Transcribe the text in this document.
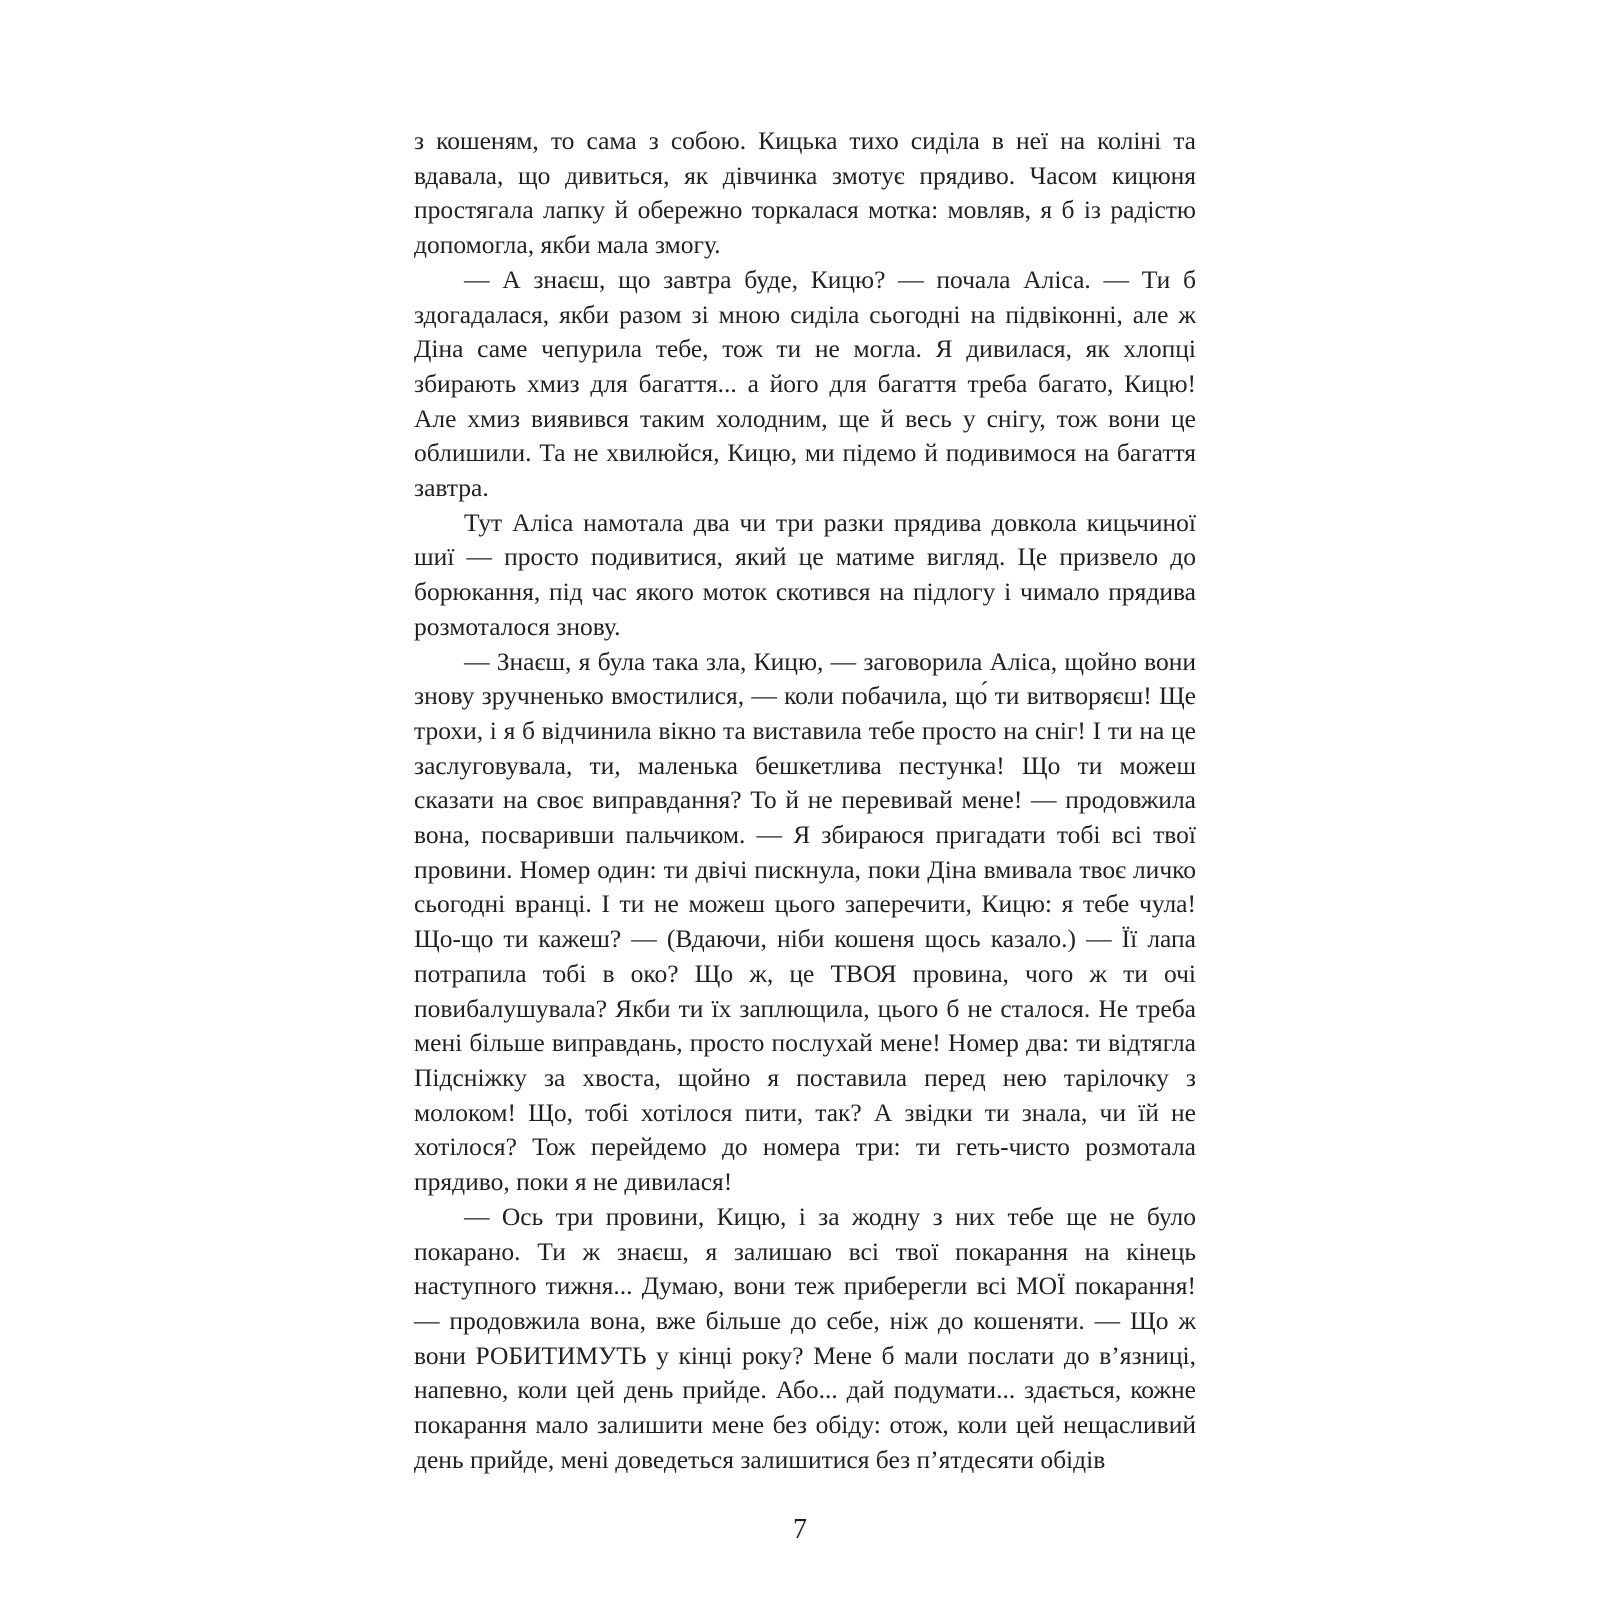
з кошеням, то сама з собою. Кицька тихо сиділа в неї на коліні та вдавала, що дивиться, як дівчинка змотує прядиво. Часом кицюня простягала лапку й обережно торкалася мотка: мовляв, я б із радістю допомогла, якби мала змогу.

— А знаєш, що завтра буде, Кицю? — почала Аліса. — Ти б здогадалася, якби разом зі мною сиділа сьогодні на підвіконні, але ж Діна саме чепурила тебе, тож ти не могла. Я дивилася, як хлопці збирають хмиз для багаття... а його для багаття треба багато, Кицю! Але хмиз виявився таким холодним, ще й весь у снігу, тож вони це облишили. Та не хвилюйся, Кицю, ми підемо й подивимося на багаття завтра.

Тут Аліса намотала два чи три разки прядива довкола кицьчиної шиї — просто подивитися, який це матиме вигляд. Це призвело до борюкання, під час якого моток скотився на підлогу і чимало прядива розмоталося знову.

— Знаєш, я була така зла, Кицю, — заговорила Аліса, щойно вони знову зручненько вмостилися, — коли побачила, що́ ти витворяєш! Ще трохи, і я б відчинила вікно та виставила тебе просто на сніг! І ти на це заслуговувала, ти, маленька бешкетлива пестунка! Що ти можеш сказати на своє виправдання? То й не перевивай мене! — продовжила вона, посваривши пальчиком. — Я збираюся пригадати тобі всі твої провини. Номер один: ти двічі пискнула, поки Діна вмивала твоє личко сьогодні вранці. І ти не можеш цього заперечити, Кицю: я тебе чула! Що-що ти кажеш? — (Вдаючи, ніби кошеня щось казало.) — Її лапа потрапила тобі в око? Що ж, це ТВОЯ провина, чого ж ти очі повибалушувала? Якби ти їх заплющила, цього б не сталося. Не треба мені більше виправдань, просто послухай мене! Номер два: ти відтягла Підсніжку за хвоста, щойно я поставила перед нею тарілочку з молоком! Що, тобі хотілося пити, так? А звідки ти знала, чи їй не хотілося? Тож перейдемо до номера три: ти геть-чисто розмотала прядиво, поки я не дивилася!

— Ось три провини, Кицю, і за жодну з них тебе ще не було покарано. Ти ж знаєш, я залишаю всі твої покарання на кінець наступного тижня... Думаю, вони теж приберегли всі МОЇ покарання! — продовжила вона, вже більше до себе, ніж до кошеняти. — Що ж вони РОБИТИМУТЬ у кінці року? Мене б мали послати до в’язниці, напевно, коли цей день прийде. Або... дай подумати... здається, кожне покарання мало залишити мене без обіду: отож, коли цей нещасливий день прийде, мені доведеться залишитися без п’ятдесяти обідів

7
